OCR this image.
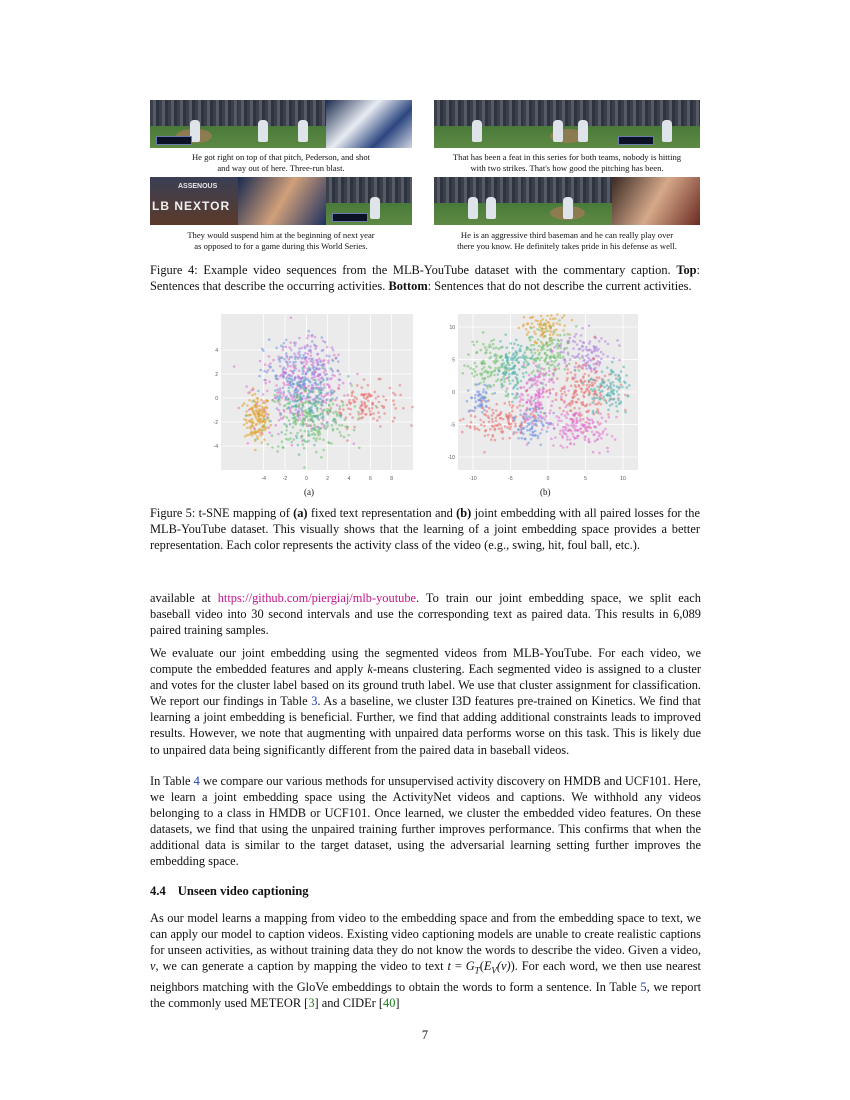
He got right on top of that pitch, Pederson, and shot
and way out of here. Three-run blast.
That has been a feat in this series for both teams, nobody is hitting
with two strikes. That's how good the pitching has been.
ASSENOUS
LB NEXTOR
They would suspend him at the beginning of next year
as opposed to for a game during this World Series.
He is an aggressive third baseman and he can really play over
there you know. He definitely takes pride in his defense as well.
Figure 4: Example video sequences from the MLB-YouTube dataset with the commentary caption. Top: Sentences that describe the occurring activities. Bottom: Sentences that do not describe the current activities.
-4	-2	0	2	4	6	8
4
2
0
-2
-4
-10	-5	0	5	10
10
5
0
-5
-10
(a)	(b)
Figure 5: t-SNE mapping of (a) fixed text representation and (b) joint embedding with all paired losses for the MLB-YouTube dataset. This visually shows that the learning of a joint embedding space provides a better representation. Each color represents the activity class of the video (e.g., swing, hit, foul ball, etc.).
available at https://github.com/piergiaj/mlb-youtube. To train our joint embedding space, we split each baseball video into 30 second intervals and use the corresponding text as paired data. This results in 6,089 paired training samples.
We evaluate our joint embedding using the segmented videos from MLB-YouTube. For each video, we compute the embedded features and apply k-means clustering. Each segmented video is assigned to a cluster and votes for the cluster label based on its ground truth label. We use that cluster assignment for classification. We report our findings in Table 3. As a baseline, we cluster I3D features pre-trained on Kinetics. We find that learning a joint embedding is beneficial. Further, we find that adding additional constraints leads to improved results. However, we note that augmenting with unpaired data performs worse on this task. This is likely due to unpaired data being significantly different from the paired data in baseball videos.
In Table 4 we compare our various methods for unsupervised activity discovery on HMDB and UCF101. Here, we learn a joint embedding space using the ActivityNet videos and captions. We withhold any videos belonging to a class in HMDB or UCF101. Once learned, we cluster the embedded video features. On these datasets, we find that using the unpaired training further improves performance. This confirms that when the additional data is similar to the target dataset, using the adversarial learning setting further improves the embedding space.
4.4 Unseen video captioning
As our model learns a mapping from video to the embedding space and from the embedding space to text, we can apply our model to caption videos. Existing video captioning models are unable to create realistic captions for unseen activities, as without training data they do not know the words to describe the video. Given a video, v, we can generate a caption by mapping the video to text $t = G_T(E_V(v))$. For each word, we then use nearest neighbors matching with the GloVe embeddings to obtain the words to form a sentence. In Table 5, we report the commonly used METEOR [3] and CIDEr [40]
7
